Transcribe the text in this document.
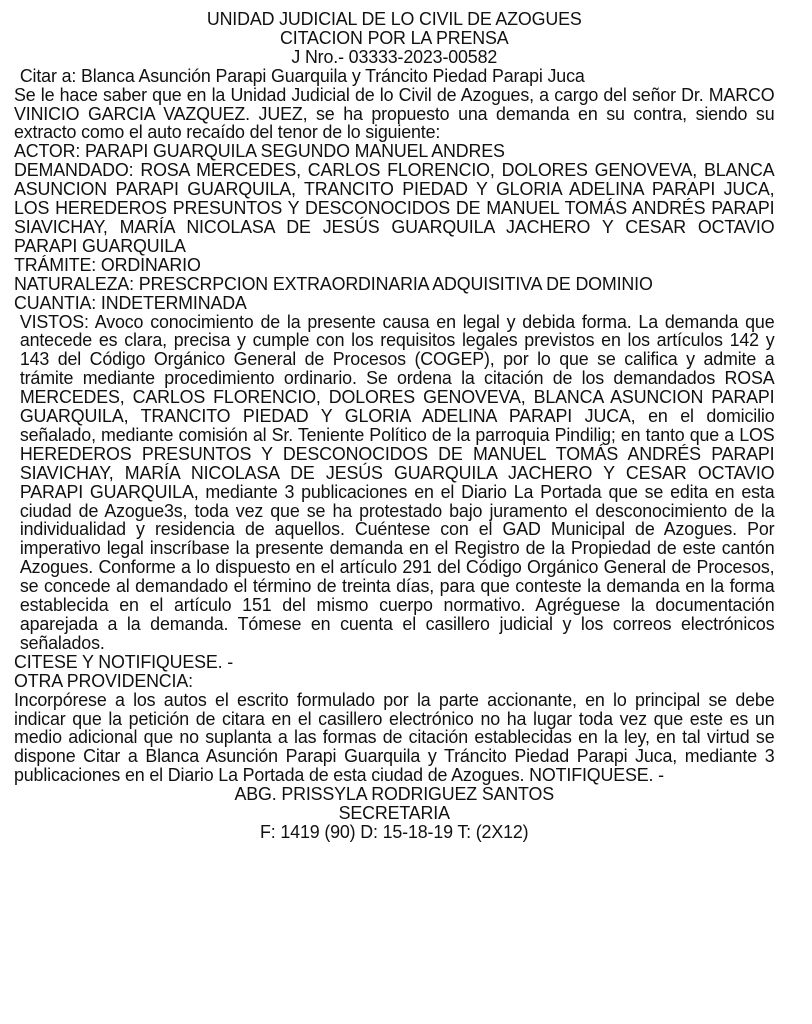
UNIDAD JUDICIAL DE LO CIVIL DE AZOGUES
CITACION POR LA PRENSA
J Nro.- 03333-2023-00582
Citar a: Blanca Asunción Parapi Guarquila y Tráncito Piedad Parapi Juca

Se le hace saber que en la Unidad Judicial de lo Civil de Azogues, a cargo del señor Dr. MARCO VINICIO GARCIA VAZQUEZ. JUEZ, se ha propuesto una demanda en su contra, siendo su extracto como el auto recaído del tenor de lo siguiente:

ACTOR: PARAPI GUARQUILA SEGUNDO MANUEL ANDRES

DEMANDADO: ROSA MERCEDES, CARLOS FLORENCIO, DOLORES GENOVEVA, BLANCA ASUNCION PARAPI GUARQUILA, TRANCITO PIEDAD Y GLORIA ADELINA PARAPI JUCA, LOS HEREDEROS PRESUNTOS Y DESCONOCIDOS DE MANUEL TOMÁS ANDRÉS PARAPI SIAVICHAY, MARÍA NICOLASA DE JESÚS GUARQUILA JACHERO Y CESAR OCTAVIO PARAPI GUARQUILA

TRÁMITE: ORDINARIO
NATURALEZA: PRESCRPCION EXTRAORDINARIA ADQUISITIVA DE DOMINIO
CUANTIA: INDETERMINADA

VISTOS: Avoco conocimiento de la presente causa en legal y debida forma. La demanda que antecede es clara, precisa y cumple con los requisitos legales previstos en los artículos 142 y 143 del Código Orgánico General de Procesos (COGEP), por lo que se califica y admite a trámite mediante procedimiento ordinario. Se ordena la citación de los demandados ROSA MERCEDES, CARLOS FLORENCIO, DOLORES GENOVEVA, BLANCA ASUNCION PARAPI GUARQUILA, TRANCITO PIEDAD Y GLORIA ADELINA PARAPI JUCA, en el domicilio señalado, mediante comisión al Sr. Teniente Político de la parroquia Pindilig; en tanto que a LOS HEREDEROS PRESUNTOS Y DESCONOCIDOS DE MANUEL TOMÁS ANDRÉS PARAPI SIAVICHAY, MARÍA NICOLASA DE JESÚS GUARQUILA JACHERO Y CESAR OCTAVIO PARAPI GUARQUILA, mediante 3 publicaciones en el Diario La Portada que se edita en esta ciudad de Azogue3s, toda vez que se ha protestado bajo juramento el desconocimiento de la individualidad y residencia de aquellos. Cuéntese con el GAD Municipal de Azogues. Por imperativo legal inscríbase la presente demanda en el Registro de la Propiedad de este cantón Azogues. Conforme a lo dispuesto en el artículo 291 del Código Orgánico General de Procesos, se concede al demandado el término de treinta días, para que conteste la demanda en la forma establecida en el artículo 151 del mismo cuerpo normativo. Agréguese la documentación aparejada a la demanda. Tómese en cuenta el casillero judicial y los correos electrónicos señalados.

CITESE Y NOTIFIQUESE. -
OTRA PROVIDENCIA:

Incorpórese a los autos el escrito formulado por la parte accionante, en lo principal se debe indicar que la petición de citara en el casillero electrónico no ha lugar toda vez que este es un medio adicional que no suplanta a las formas de citación establecidas en la ley, en tal virtud se dispone Citar a Blanca Asunción Parapi Guarquila y Tráncito Piedad Parapi Juca, mediante 3 publicaciones en el Diario La Portada de esta ciudad de Azogues. NOTIFIQUESE. -

ABG. PRISSYLA RODRIGUEZ SANTOS
SECRETARIA
F: 1419 (90) D: 15-18-19 T: (2X12)
